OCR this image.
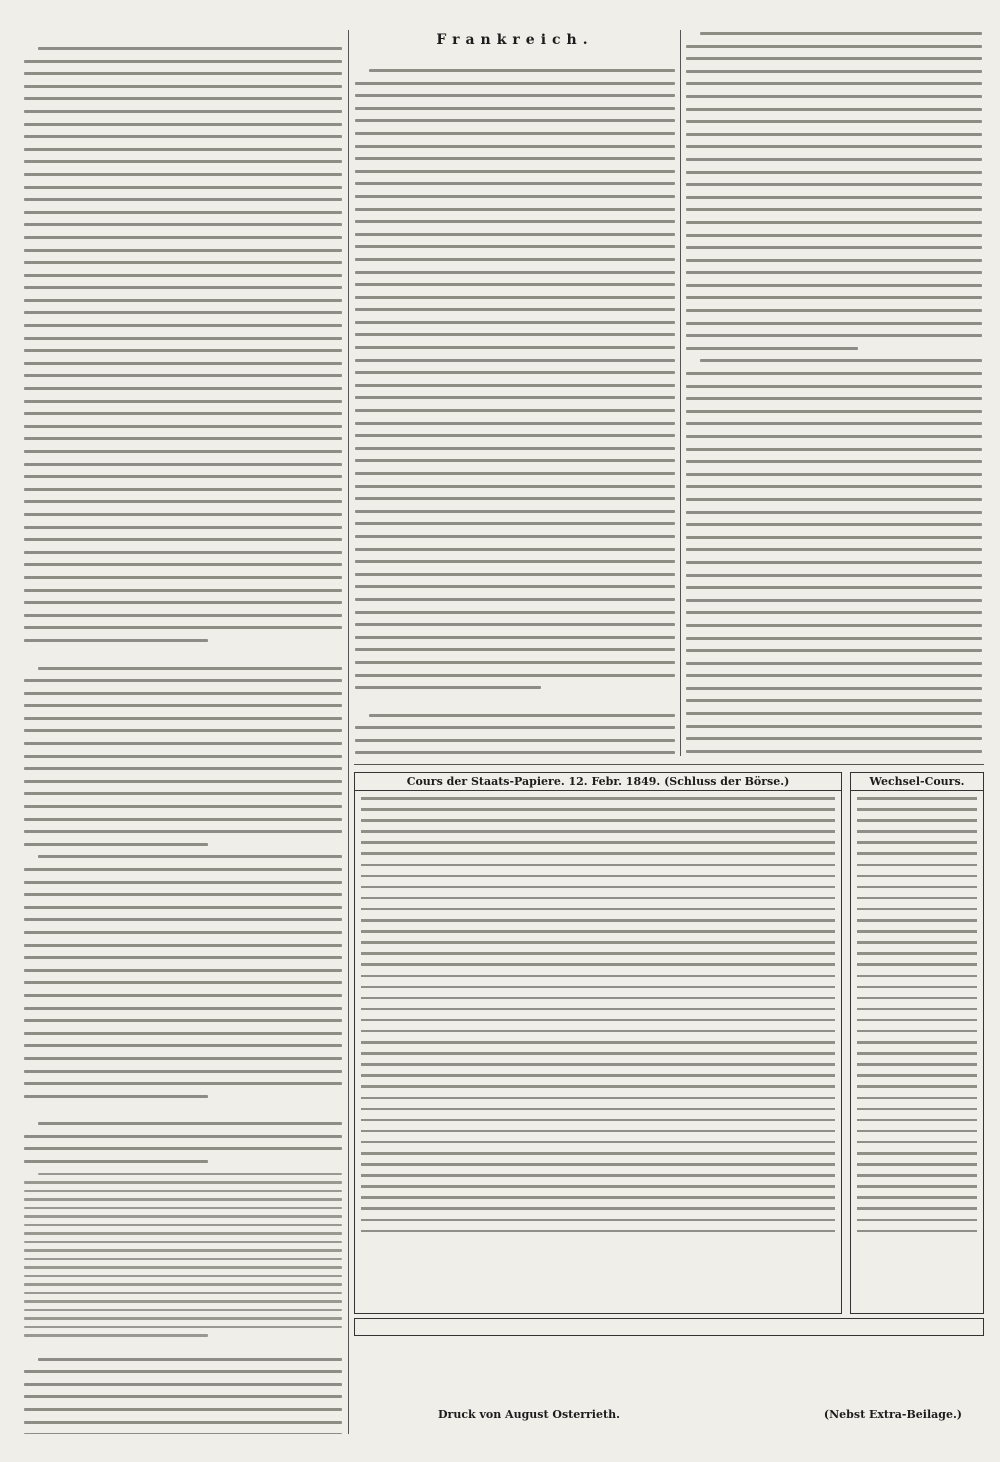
Frankreich.

Cours der Staats-Papiere. 12. Febr. 1849. (Schluss der Börse.)	Wechsel-Cours.
Druck von August Osterrieth.	(Nebst Extra-Beilage.)
